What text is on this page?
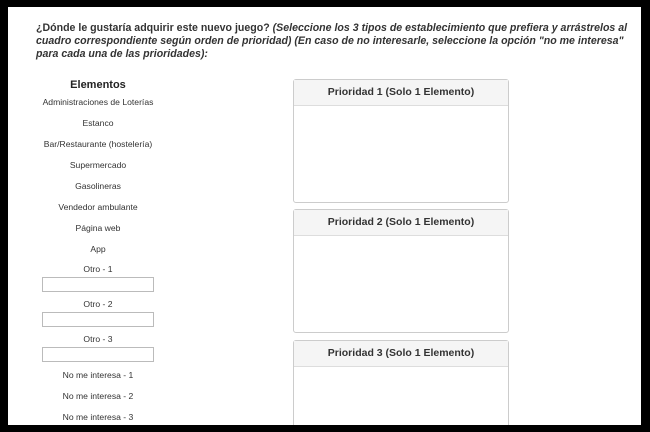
¿Dónde le gustaría adquirir este nuevo juego? (Seleccione los 3 tipos de establecimiento que prefiera y arrástrelos al cuadro correspondiente según orden de prioridad) (En caso de no interesarle, seleccione la opción "no me interesa" para cada una de las prioridades):
Elementos
Administraciones de Loterías
Estanco
Bar/Restaurante (hostelería)
Supermercado
Gasolineras
Vendedor ambulante
Página web
App
Otro - 1
Otro - 2
Otro - 3
No me interesa - 1
No me interesa - 2
No me interesa - 3
Prioridad 1 (Solo 1 Elemento)
Prioridad 2 (Solo 1 Elemento)
Prioridad 3 (Solo 1 Elemento)
